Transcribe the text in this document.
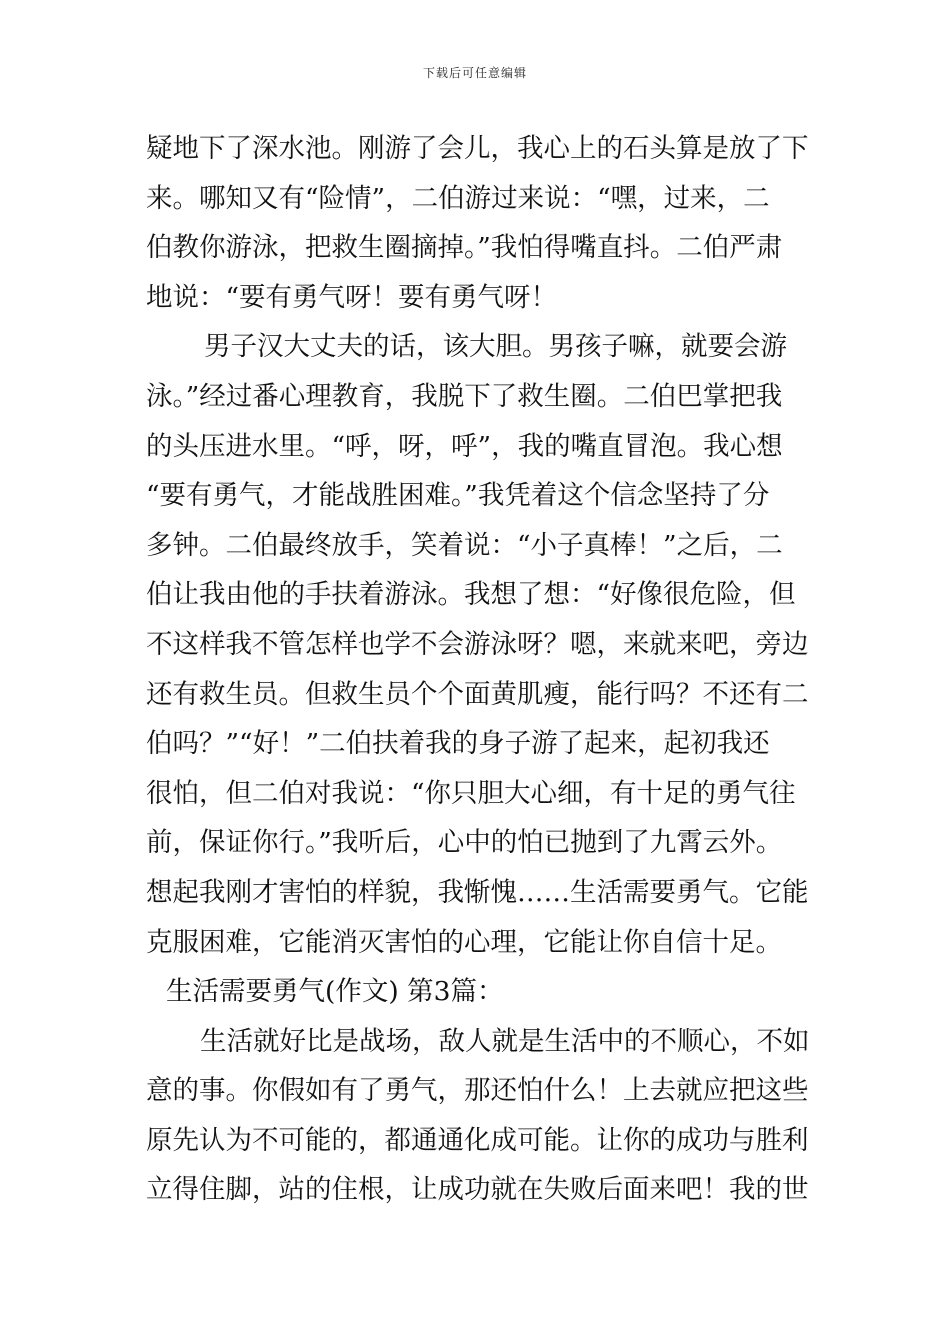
下载后可任意编辑
疑地下了深水池。刚游了会儿，我心上的石头算是放了下
来。哪知又有“险情”，二伯游过来说：“嘿，过来，二
伯教你游泳，把救生圈摘掉。”我怕得嘴直抖。二伯严肃
地说：“要有勇气呀！要有勇气呀！
男子汉大丈夫的话，该大胆。男孩子嘛，就要会游
泳。”经过番心理教育，我脱下了救生圈。二伯巴掌把我
的头压进水里。“呼，呀，呼”，我的嘴直冒泡。我心想
“要有勇气，才能战胜困难。”我凭着这个信念坚持了分
多钟。二伯最终放手，笑着说：“小子真棒！”之后，二
伯让我由他的手扶着游泳。我想了想：“好像很危险，但
不这样我不管怎样也学不会游泳呀？嗯，来就来吧，旁边
还有救生员。但救生员个个面黄肌瘦，能行吗？不还有二
伯吗？”“好！”二伯扶着我的身子游了起来，起初我还
很怕，但二伯对我说：“你只胆大心细，有十足的勇气往
前，保证你行。”我听后，心中的怕已抛到了九霄云外。
想起我刚才害怕的样貌，我惭愧……生活需要勇气。它能
克服困难，它能消灭害怕的心理，它能让你自信十足。
生活需要勇气(作文) 第3篇：
生活就好比是战场，敌人就是生活中的不顺心，不如
意的事。你假如有了勇气，那还怕什么！上去就应把这些
原先认为不可能的，都通通化成可能。让你的成功与胜利
立得住脚，站的住根，让成功就在失败后面来吧！我的世
